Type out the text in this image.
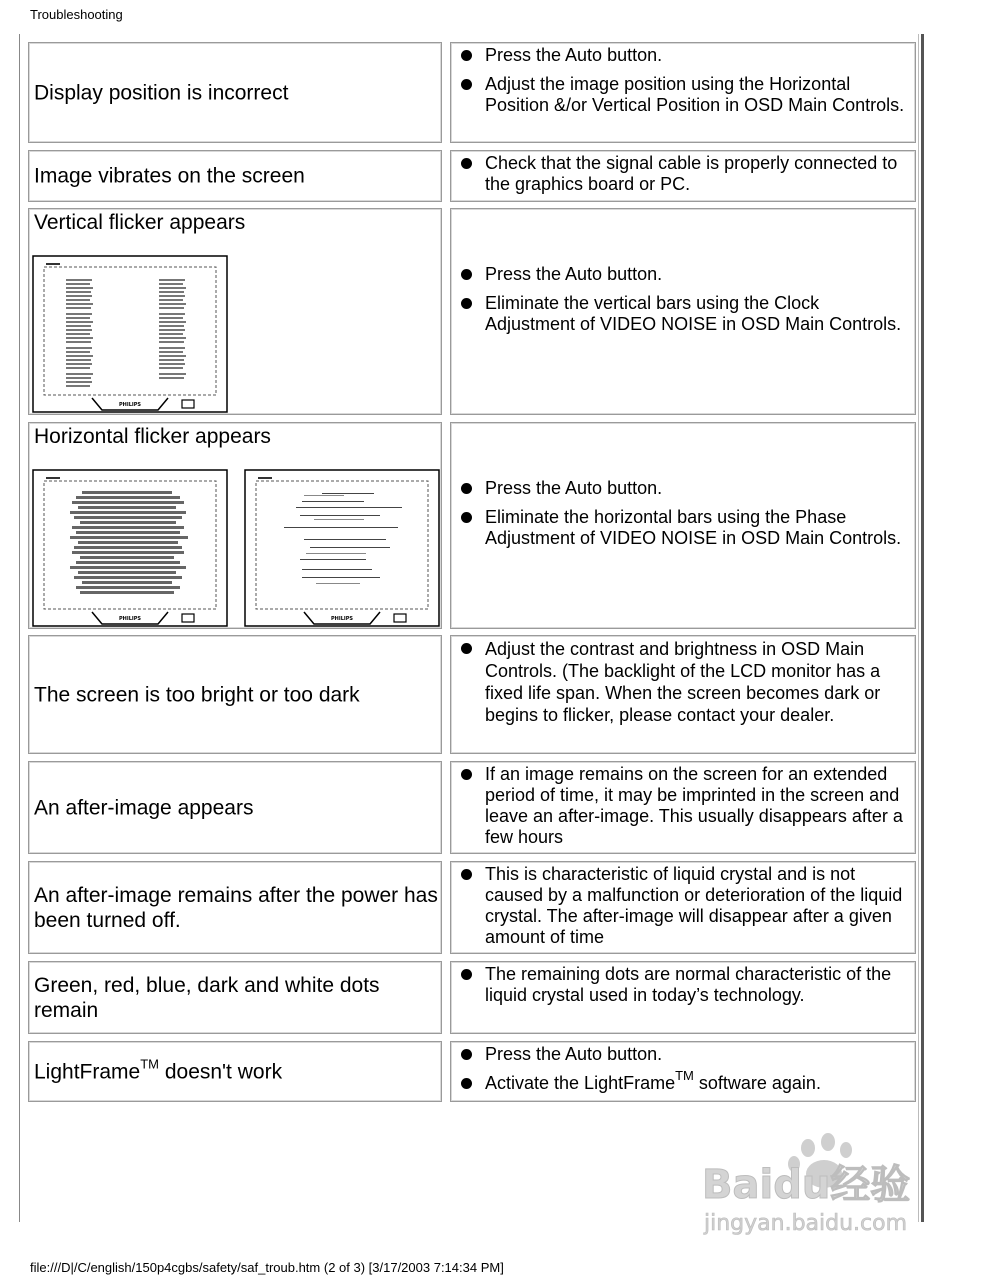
Troubleshooting
Display position is incorrect
Press the Auto button.
Adjust the image position using the Horizontal Position &/or Vertical Position in OSD Main Controls.
Image vibrates on the screen
Check that the signal cable is properly connected to the graphics board or PC.
Vertical flicker appears
PHILIPS
Press the Auto button.
Eliminate the vertical bars using the Clock Adjustment of VIDEO NOISE in OSD Main Controls.
Horizontal flicker appears
PHILIPS	PHILIPS
Press the Auto button.
Eliminate the horizontal bars using the Phase Adjustment of VIDEO NOISE in OSD Main Controls.
The screen is too bright or too dark
Adjust the contrast and brightness in OSD Main Controls. (The backlight of the LCD monitor has a fixed life span. When the screen becomes dark or begins to flicker, please contact your dealer.
An after-image appears
If an image remains on the screen for an extended period of time, it may be imprinted in the screen and leave an after-image. This usually disappears after a few hours
An after-image remains after the power has been turned off.
This is characteristic of liquid crystal and is not caused by a malfunction or deterioration of the liquid crystal. The after-image will disappear after a given amount of time
Green, red, blue, dark and white dots remain
The remaining dots are normal characteristic of the liquid crystal used in today’s technology.
LightFrame™ doesn't work
Press the Auto button.
Activate the LightFrame™ software again.
Baidu经验
jingyan.baidu.com
file:///D|/C/english/150p4cgbs/safety/saf_troub.htm (2 of 3) [3/17/2003 7:14:34 PM]
